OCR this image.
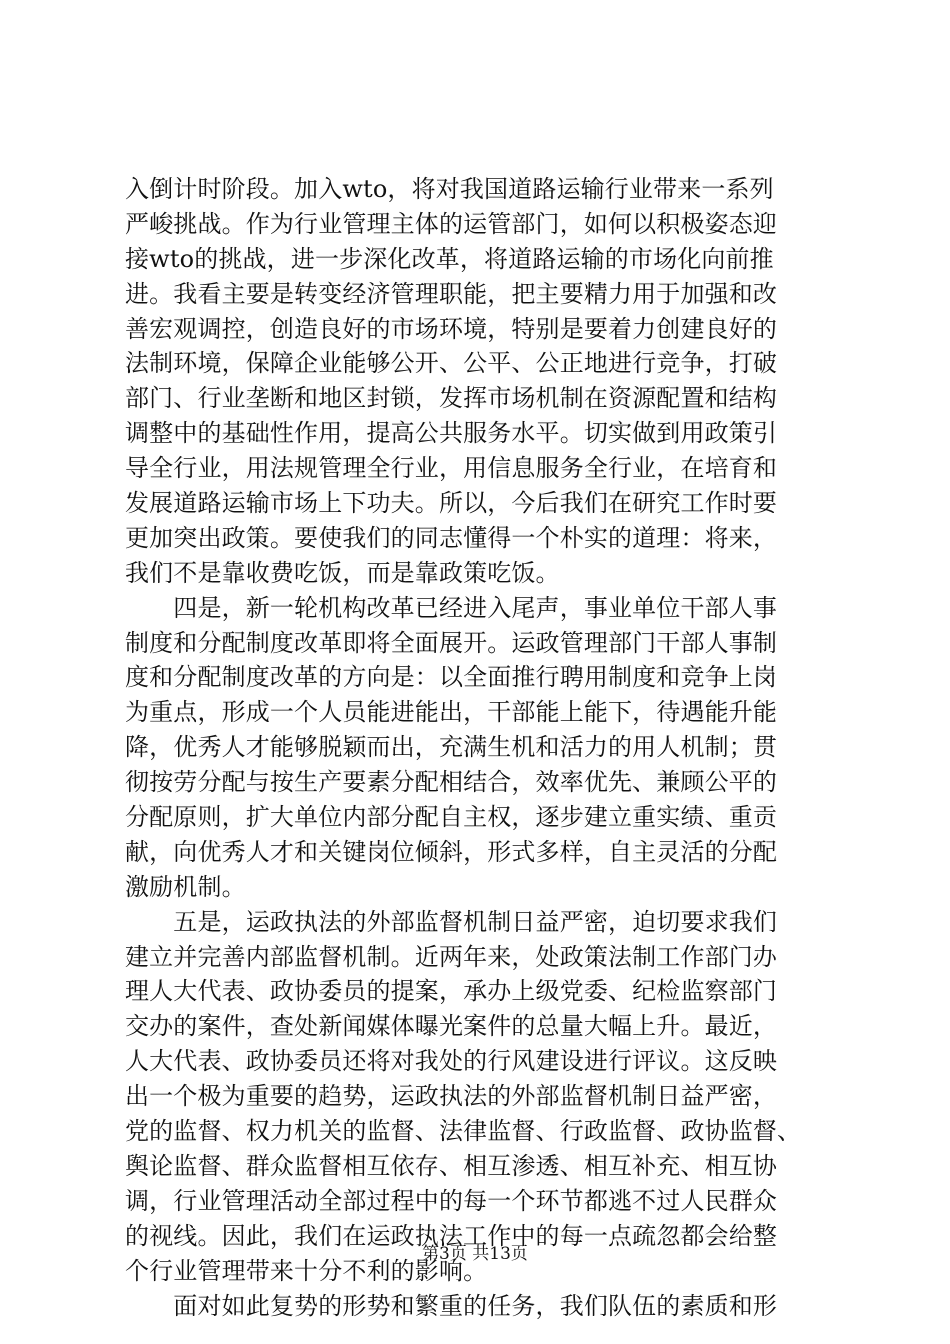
入倒计时阶段。加入wto，将对我国道路运输行业带来一系列
严峻挑战。作为行业管理主体的运管部门，如何以积极姿态迎
接wto的挑战，进一步深化改革，将道路运输的市场化向前推
进。我看主要是转变经济管理职能，把主要精力用于加强和改
善宏观调控，创造良好的市场环境，特别是要着力创建良好的
法制环境，保障企业能够公开、公平、公正地进行竞争，打破
部门、行业垄断和地区封锁，发挥市场机制在资源配置和结构
调整中的基础性作用，提高公共服务水平。切实做到用政策引
导全行业，用法规管理全行业，用信息服务全行业，在培育和
发展道路运输市场上下功夫。所以，今后我们在研究工作时要
更加突出政策。要使我们的同志懂得一个朴实的道理：将来，
我们不是靠收费吃饭，而是靠政策吃饭。
　　四是，新一轮机构改革已经进入尾声，事业单位干部人事
制度和分配制度改革即将全面展开。运政管理部门干部人事制
度和分配制度改革的方向是：以全面推行聘用制度和竞争上岗
为重点，形成一个人员能进能出，干部能上能下，待遇能升能
降，优秀人才能够脱颖而出，充满生机和活力的用人机制；贯
彻按劳分配与按生产要素分配相结合，效率优先、兼顾公平的
分配原则，扩大单位内部分配自主权，逐步建立重实绩、重贡
献，向优秀人才和关键岗位倾斜，形式多样，自主灵活的分配
激励机制。
　　五是，运政执法的外部监督机制日益严密，迫切要求我们
建立并完善内部监督机制。近两年来，处政策法制工作部门办
理人大代表、政协委员的提案，承办上级党委、纪检监察部门
交办的案件，查处新闻媒体曝光案件的总量大幅上升。最近，
人大代表、政协委员还将对我处的行风建设进行评议。这反映
出一个极为重要的趋势，运政执法的外部监督机制日益严密，
党的监督、权力机关的监督、法律监督、行政监督、政协监督、
舆论监督、群众监督相互依存、相互渗透、相互补充、相互协
调，行业管理活动全部过程中的每一个环节都逃不过人民群众
的视线。因此，我们在运政执法工作中的每一点疏忽都会给整
个行业管理带来十分不利的影响。
　　面对如此复势的形势和繁重的任务，我们队伍的素质和形
第3页 共13页
